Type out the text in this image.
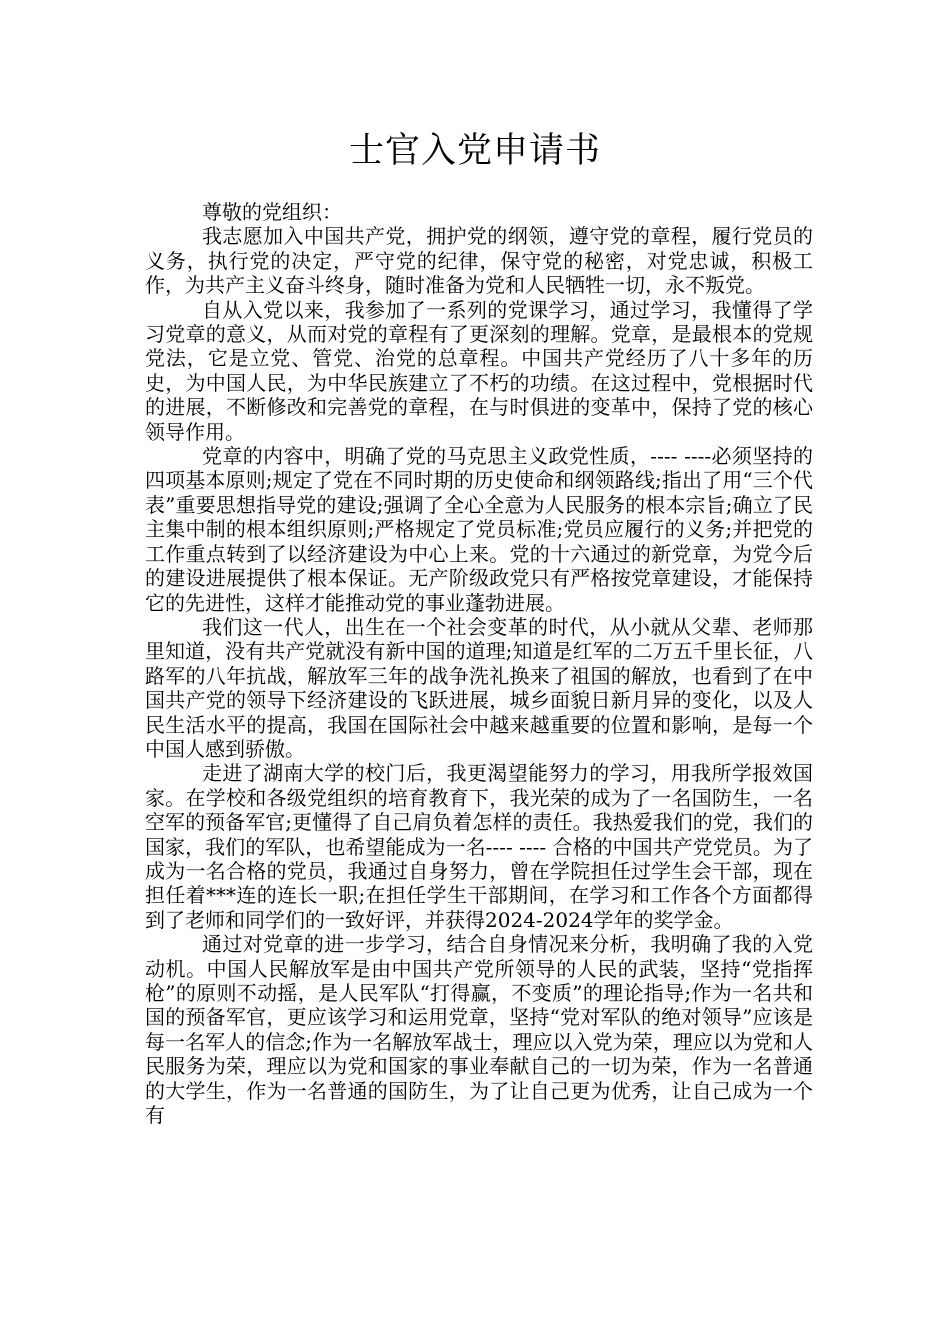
士官入党申请书

尊敬的党组织：

我志愿加入中国共产党，拥护党的纲领，遵守党的章程，履行党员的义务，执行党的决定，严守党的纪律，保守党的秘密，对党忠诚，积极工作，为共产主义奋斗终身，随时准备为党和人民牺牲一切，永不叛党。

自从入党以来，我参加了一系列的党课学习，通过学习，我懂得了学习党章的意义，从而对党的章程有了更深刻的理解。党章，是最根本的党规党法，它是立党、管党、治党的总章程。中国共产党经历了八十多年的历史，为中国人民，为中华民族建立了不朽的功绩。在这过程中，党根据时代的进展，不断修改和完善党的章程，在与时俱进的变革中，保持了党的核心领导作用。

党章的内容中，明确了党的马克思主义政党性质，---- ----必须坚持的四项基本原则;规定了党在不同时期的历史使命和纲领路线;指出了用“三个代表”重要思想指导党的建设;强调了全心全意为人民服务的根本宗旨;确立了民主集中制的根本组织原则;严格规定了党员标准;党员应履行的义务;并把党的工作重点转到了以经济建设为中心上来。党的十六通过的新党章，为党今后的建设进展提供了根本保证。无产阶级政党只有严格按党章建设，才能保持它的先进性，这样才能推动党的事业蓬勃进展。

我们这一代人，出生在一个社会变革的时代，从小就从父辈、老师那里知道，没有共产党就没有新中国的道理;知道是红军的二万五千里长征，八路军的八年抗战，解放军三年的战争洗礼换来了祖国的解放，也看到了在中国共产党的领导下经济建设的飞跃进展，城乡面貌日新月异的变化，以及人民生活水平的提高，我国在国际社会中越来越重要的位置和影响，是每一个中国人感到骄傲。

走进了湖南大学的校门后，我更渴望能努力的学习，用我所学报效国家。在学校和各级党组织的培育教育下，我光荣的成为了一名国防生，一名空军的预备军官;更懂得了自己肩负着怎样的责任。我热爱我们的党，我们的国家，我们的军队，也希望能成为一名---- ---- 合格的中国共产党党员。为了成为一名合格的党员，我通过自身努力，曾在学院担任过学生会干部，现在担任着***连的连长一职;在担任学生干部期间，在学习和工作各个方面都得到了老师和同学们的一致好评，并获得2024-2024学年的奖学金。

通过对党章的进一步学习，结合自身情况来分析，我明确了我的入党动机。中国人民解放军是由中国共产党所领导的人民的武装，坚持“党指挥枪”的原则不动摇，是人民军队“打得赢，不变质”的理论指导;作为一名共和国的预备军官，更应该学习和运用党章，坚持“党对军队的绝对领导”应该是每一名军人的信念;作为一名解放军战士，理应以入党为荣，理应以为党和人民服务为荣，理应以为党和国家的事业奉献自己的一切为荣，作为一名普通的大学生，作为一名普通的国防生，为了让自己更为优秀，让自己成为一个有
